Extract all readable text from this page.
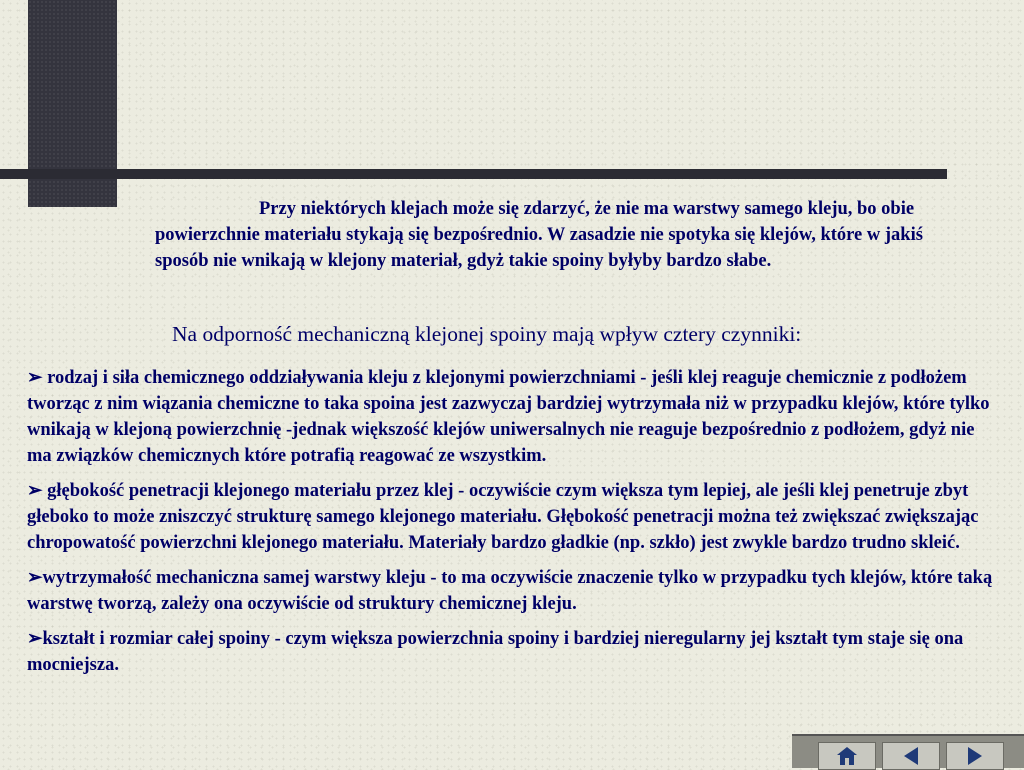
Przy niektórych klejach może się zdarzyć, że nie ma warstwy samego kleju, bo obie powierzchnie materiału stykają się bezpośrednio. W zasadzie nie spotyka się klejów, które w jakiś sposób nie wnikają w klejony materiał, gdyż takie spoiny byłyby bardzo słabe.
Na odporność mechaniczną klejonej spoiny mają wpływ cztery czynniki:
➢ rodzaj i siła chemicznego oddziaływania kleju z klejonymi powierzchniami - jeśli klej reaguje chemicznie z podłożem tworząc z nim wiązania chemiczne to taka spoina jest zazwyczaj bardziej wytrzymała niż w przypadku klejów, które tylko wnikają w klejoną powierzchnię -jednak większość klejów uniwersalnych nie reaguje bezpośrednio z podłożem, gdyż nie ma związków chemicznych które potrafią reagować ze wszystkim.
➢ głębokość penetracji klejonego materiału przez klej - oczywiście czym większa tym lepiej, ale jeśli klej penetruje zbyt głeboko to może zniszczyć strukturę samego klejonego materiału. Głębokość penetracji można też zwiększać zwiększając chropowatość powierzchni klejonego materiału. Materiały bardzo gładkie (np. szkło) jest zwykle bardzo trudno skleić.
➢wytrzymałość mechaniczna samej warstwy kleju - to ma oczywiście znaczenie tylko w przypadku tych klejów, które taką warstwę tworzą, zależy ona oczywiście od struktury chemicznej kleju.
➢kształt i rozmiar całej spoiny - czym większa powierzchnia spoiny i bardziej nieregularny jej kształt tym staje się ona mocniejsza.
